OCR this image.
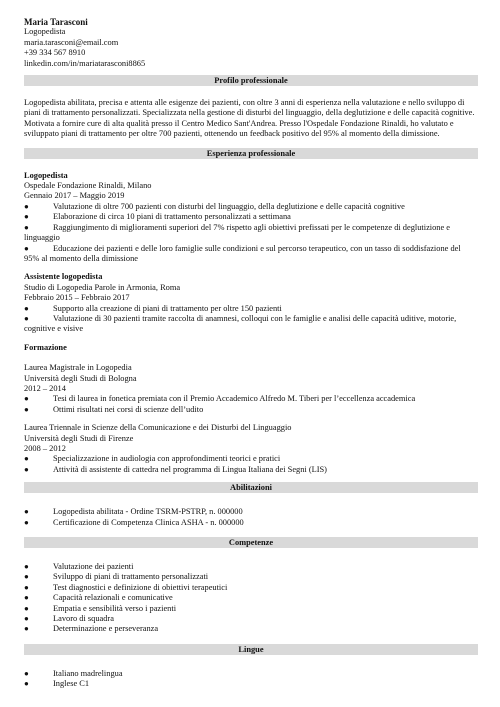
Maria Tarasconi
Logopedista
maria.tarasconi@email.com
+39 334 567 8910
linkedin.com/in/mariatarasconi8865
Profilo professionale

Logopedista abilitata, precisa e attenta alle esigenze dei pazienti, con oltre 3 anni di esperienza nella valutazione e nello sviluppo di piani di trattamento personalizzati. Specializzata nella gestione di disturbi del linguaggio, della deglutizione e delle capacità cognitive. Motivata a fornire cure di alta qualità presso il Centro Medico Sant'Andrea. Presso l'Ospedale Fondazione Rinaldi, ho valutato e sviluppato piani di trattamento per oltre 700 pazienti, ottenendo un feedback positivo del 95% al momento della dimissione.

Esperienza professionale
Logopedista
Ospedale Fondazione Rinaldi, Milano
Gennaio 2017 – Maggio 2019
●	Valutazione di oltre 700 pazienti con disturbi del linguaggio, della deglutizione e delle capacità cognitive
●	Elaborazione di circa 10 piani di trattamento personalizzati a settimana
●	Raggiungimento di miglioramenti superiori del 7% rispetto agli obiettivi prefissati per le competenze di deglutizione e linguaggio
●	Educazione dei pazienti e delle loro famiglie sulle condizioni e sul percorso terapeutico, con un tasso di soddisfazione del 95% al momento della dimissione
Assistente logopedista
Studio di Logopedia Parole in Armonia, Roma
Febbraio 2015 – Febbraio 2017
●	Supporto alla creazione di piani di trattamento per oltre 150 pazienti
●	Valutazione di 30 pazienti tramite raccolta di anamnesi, colloqui con le famiglie e analisi delle capacità uditive, motorie, cognitive e visive
Formazione
Laurea Magistrale in Logopedia
Università degli Studi di Bologna
2012 – 2014
●	Tesi di laurea in fonetica premiata con il Premio Accademico Alfredo M. Tiberi per l’eccellenza accademica
●	Ottimi risultati nei corsi di scienze dell’udito
Laurea Triennale in Scienze della Comunicazione e dei Disturbi del Linguaggio
Università degli Studi di Firenze
2008 – 2012
●	Specializzazione in audiologia con approfondimenti teorici e pratici
●	Attività di assistente di cattedra nel programma di Lingua Italiana dei Segni (LIS)
Abilitazioni
●	Logopedista abilitata - Ordine TSRM-PSTRP, n. 000000
●	Certificazione di Competenza Clinica ASHA - n. 000000
Competenze
●	Valutazione dei pazienti
●	Sviluppo di piani di trattamento personalizzati
●	Test diagnostici e definizione di obiettivi terapeutici
●	Capacità relazionali e comunicative
●	Empatia e sensibilità verso i pazienti
●	Lavoro di squadra
●	Determinazione e perseveranza
Lingue
●	Italiano madrelingua
●	Inglese C1
